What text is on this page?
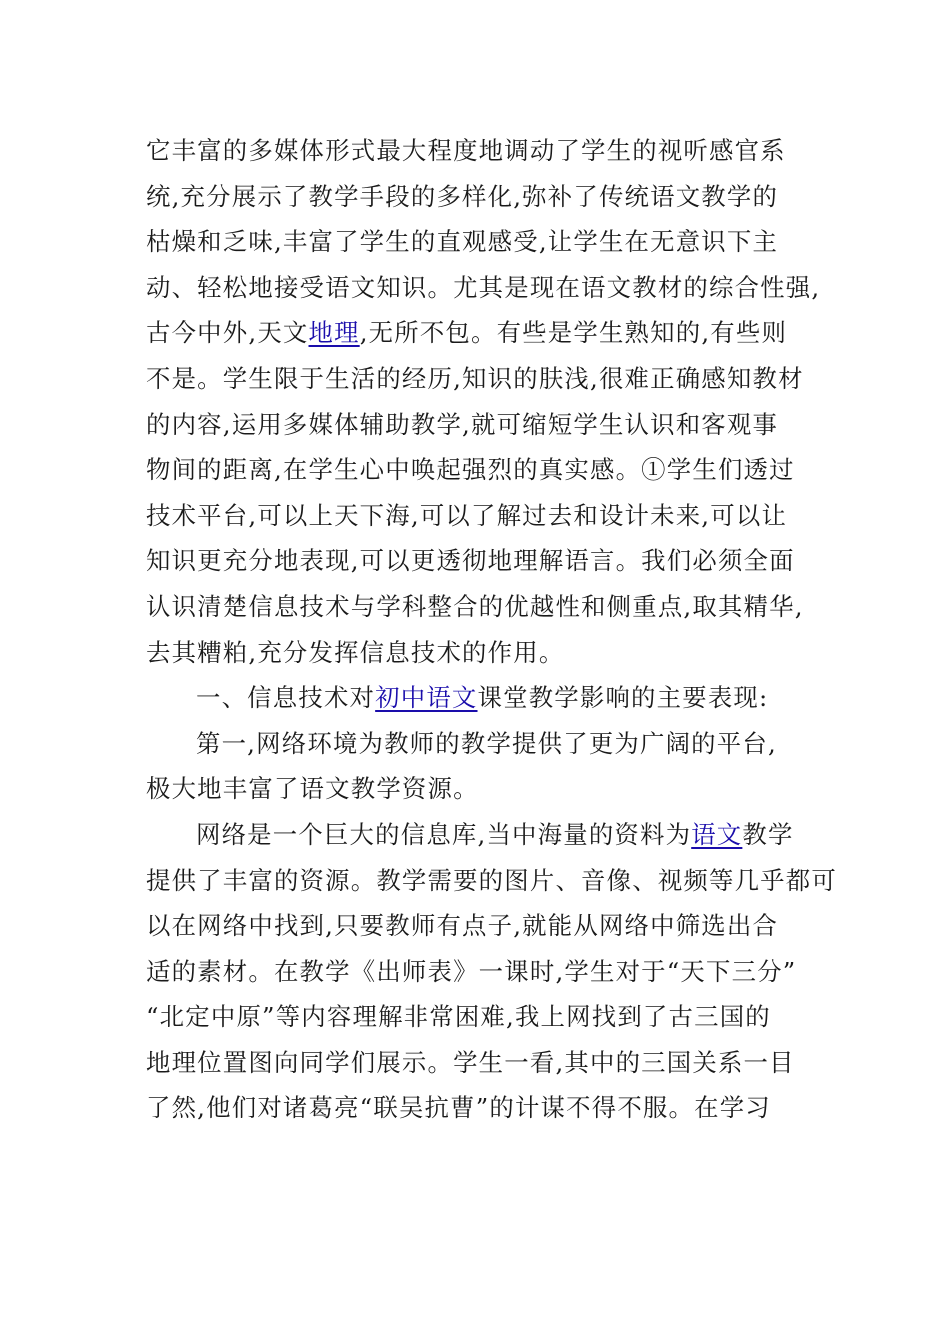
它丰富的多媒体形式最大程度地调动了学生的视听感官系
统,充分展示了教学手段的多样化,弥补了传统语文教学的
枯燥和乏味,丰富了学生的直观感受,让学生在无意识下主
动、轻松地接受语文知识。尤其是现在语文教材的综合性强,
古今中外,天文地理,无所不包。有些是学生熟知的,有些则
不是。学生限于生活的经历,知识的肤浅,很难正确感知教材
的内容,运用多媒体辅助教学,就可缩短学生认识和客观事
物间的距离,在学生心中唤起强烈的真实感。①学生们透过
技术平台,可以上天下海,可以了解过去和设计未来,可以让
知识更充分地表现,可以更透彻地理解语言。我们必须全面
认识清楚信息技术与学科整合的优越性和侧重点,取其精华,
去其糟粕,充分发挥信息技术的作用。
一、信息技术对初中语文课堂教学影响的主要表现:
第一,网络环境为教师的教学提供了更为广阔的平台,
极大地丰富了语文教学资源。
网络是一个巨大的信息库,当中海量的资料为语文教学
提供了丰富的资源。教学需要的图片、音像、视频等几乎都可
以在网络中找到,只要教师有点子,就能从网络中筛选出合
适的素材。在教学《出师表》一课时,学生对于“天下三分”
“北定中原”等内容理解非常困难,我上网找到了古三国的
地理位置图向同学们展示。学生一看,其中的三国关系一目
了然,他们对诸葛亮“联吴抗曹”的计谋不得不服。在学习
